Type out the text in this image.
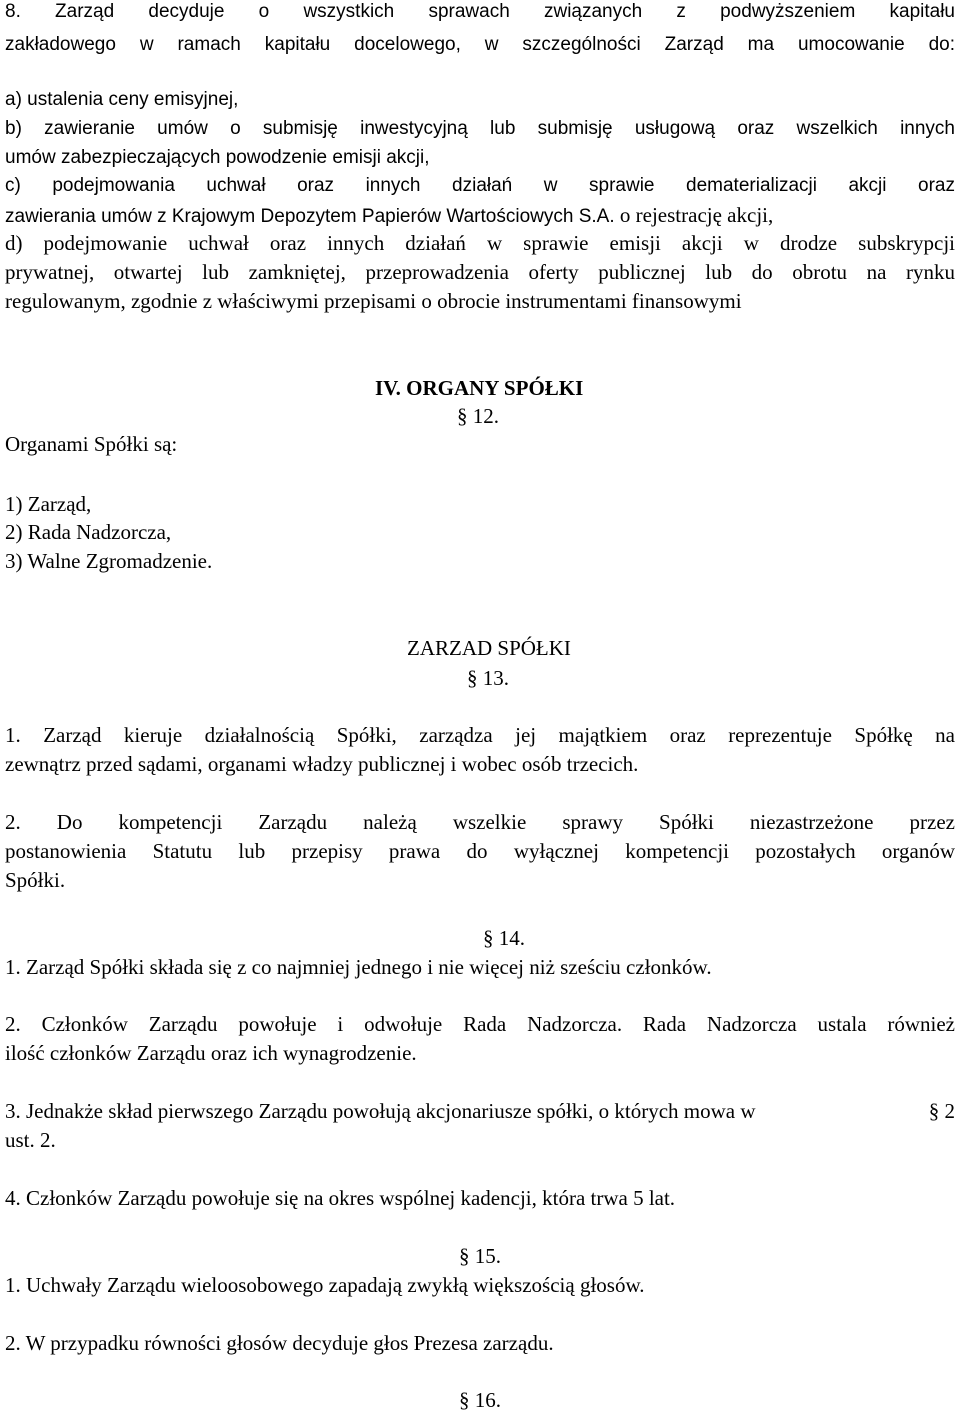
8. Zarząd decyduje o wszystkich sprawach związanych z podwyższeniem kapitału
zakładowego w ramach kapitału docelowego, w szczególności Zarząd ma umocowanie do:
a) ustalenia ceny emisyjnej,
b) zawieranie umów o submisję inwestycyjną lub submisję usługową oraz wszelkich innych
umów zabezpieczających powodzenie emisji akcji,
c) podejmowania uchwał oraz innych działań w sprawie dematerializacji akcji oraz
zawierania umów z Krajowym Depozytem Papierów Wartościowych S.A. o rejestrację akcji,
d) podejmowanie uchwał oraz innych działań w sprawie emisji akcji w drodze subskrypcji
prywatnej, otwartej lub zamkniętej, przeprowadzenia oferty publicznej lub do obrotu na rynku
regulowanym, zgodnie z właściwymi przepisami o obrocie instrumentami finansowymi
IV. ORGANY SPÓŁKI
§ 12.
Organami Spółki są:
1) Zarząd,
2) Rada Nadzorcza,
3) Walne Zgromadzenie.
ZARZAD SPÓŁKI
§ 13.
1. Zarząd kieruje działalnością Spółki, zarządza jej majątkiem oraz reprezentuje Spółkę na
zewnątrz przed sądami, organami władzy publicznej i wobec osób trzecich.
2. Do kompetencji Zarządu należą wszelkie sprawy Spółki niezastrzeżone przez
postanowienia Statutu lub przepisy prawa do wyłącznej kompetencji pozostałych organów
Spółki.
§ 14.
1. Zarząd Spółki składa się z co najmniej jednego i nie więcej niż sześciu członków.
2. Członków Zarządu powołuje i odwołuje Rada Nadzorcza. Rada Nadzorcza ustala również
ilość członków Zarządu oraz ich wynagrodzenie.
3. Jednakże skład pierwszego Zarządu powołują akcjonariusze spółki, o których mowa w	§ 2
ust. 2.
4. Członków Zarządu powołuje się na okres wspólnej kadencji, która trwa 5 lat.
§ 15.
1. Uchwały Zarządu wieloosobowego zapadają zwykłą większością głosów.
2. W przypadku równości głosów decyduje głos Prezesa zarządu.
§ 16.
